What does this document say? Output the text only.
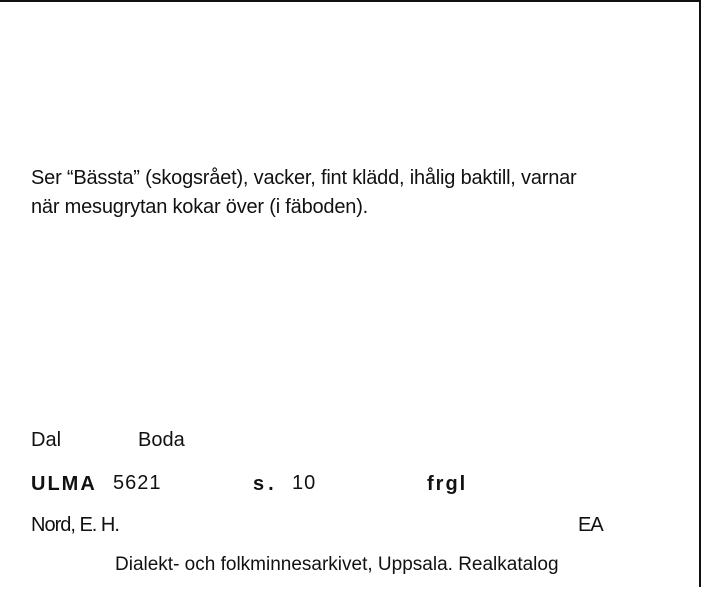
Ser “Bässta” (skogsrået), vacker, fint klädd, ihålig baktill, varnar
när mesugrytan kokar över (i fäboden).
Dal	Boda
ULMA 5621	s. 10	frgl
Nord, E. H.	EA
Dialekt- och folkminnesarkivet, Uppsala. Realkatalog
